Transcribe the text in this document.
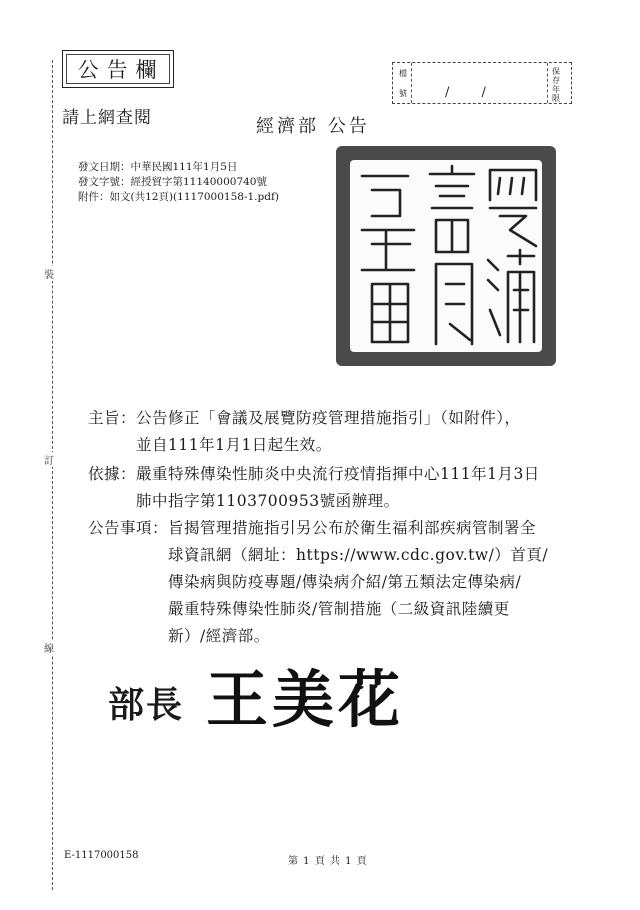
裝
訂
線
公告欄
請上網查閱
檔
號	/ /
保存年限
經濟部 公告
發文日期：中華民國111年1月5日
發文字號：經授貿字第11140000740號
附件：如文(共12頁)(1117000158-1.pdf)
主旨： 公告修正「會議及展覽防疫管理措施指引」（如附件），
並自111年1月1日起生效。
依據： 嚴重特殊傳染性肺炎中央流行疫情指揮中心111年1月3日
肺中指字第1103700953號函辦理。
公告事項： 旨揭管理措施指引另公布於衛生福利部疾病管制署全
球資訊網（網址：https://www.cdc.gov.tw/）首頁/
傳染病與防疫專題/傳染病介紹/第五類法定傳染病/
嚴重特殊傳染性肺炎/管制措施（二級資訊陸續更
新）/經濟部。
部長 王美花
E-1117000158
第 1 頁 共 1 頁
